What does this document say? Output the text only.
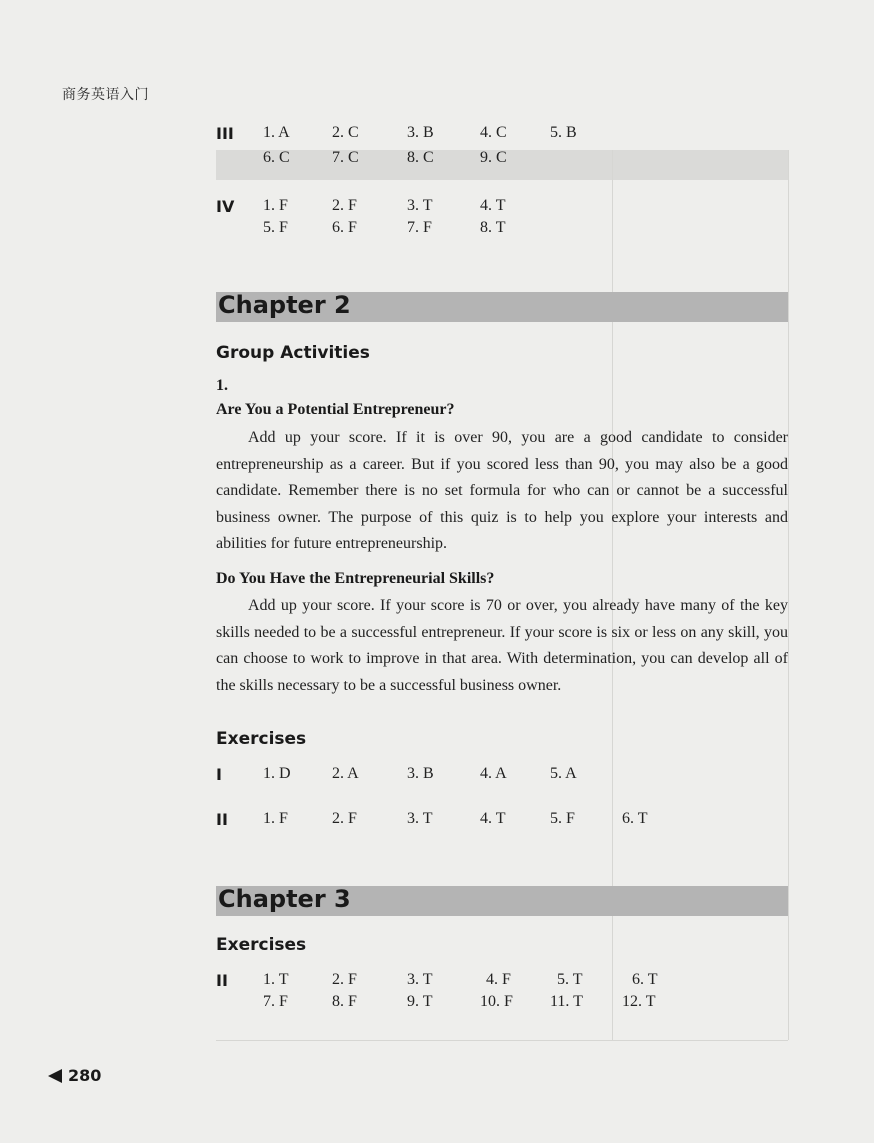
商务英语入门
III 1. A	2. C	3. B	4. C	5. B
6. C	7. C	8. C	9. C
IV 1. F	2. F	3. T	4. T
5. F	6. F	7. F	8. T
Chapter 2
Group Activities
1.
Are You a Potential Entrepreneur?
Add up your score. If it is over 90, you are a good candidate to consider entrepreneurship as a career. But if you scored less than 90, you may also be a good candidate. Remember there is no set formula for who can or cannot be a successful business owner. The purpose of this quiz is to help you explore your interests and abilities for future entrepreneurship.
Do You Have the Entrepreneurial Skills?
Add up your score. If your score is 70 or over, you already have many of the key skills needed to be a successful entrepreneur. If your score is six or less on any skill, you can choose to work to improve in that area. With determination, you can develop all of the skills necessary to be a successful business owner.
Exercises
I	1. D	2. A	3. B	4. A	5. A
II 1. F	2. F	3. T	4. T	5. F	6. T
Chapter 3
Exercises
II 1. T	2. F	3. T	4. F	5. T	6. T
7. F	8. F	9. T	10. F 11. T 12. T
280
